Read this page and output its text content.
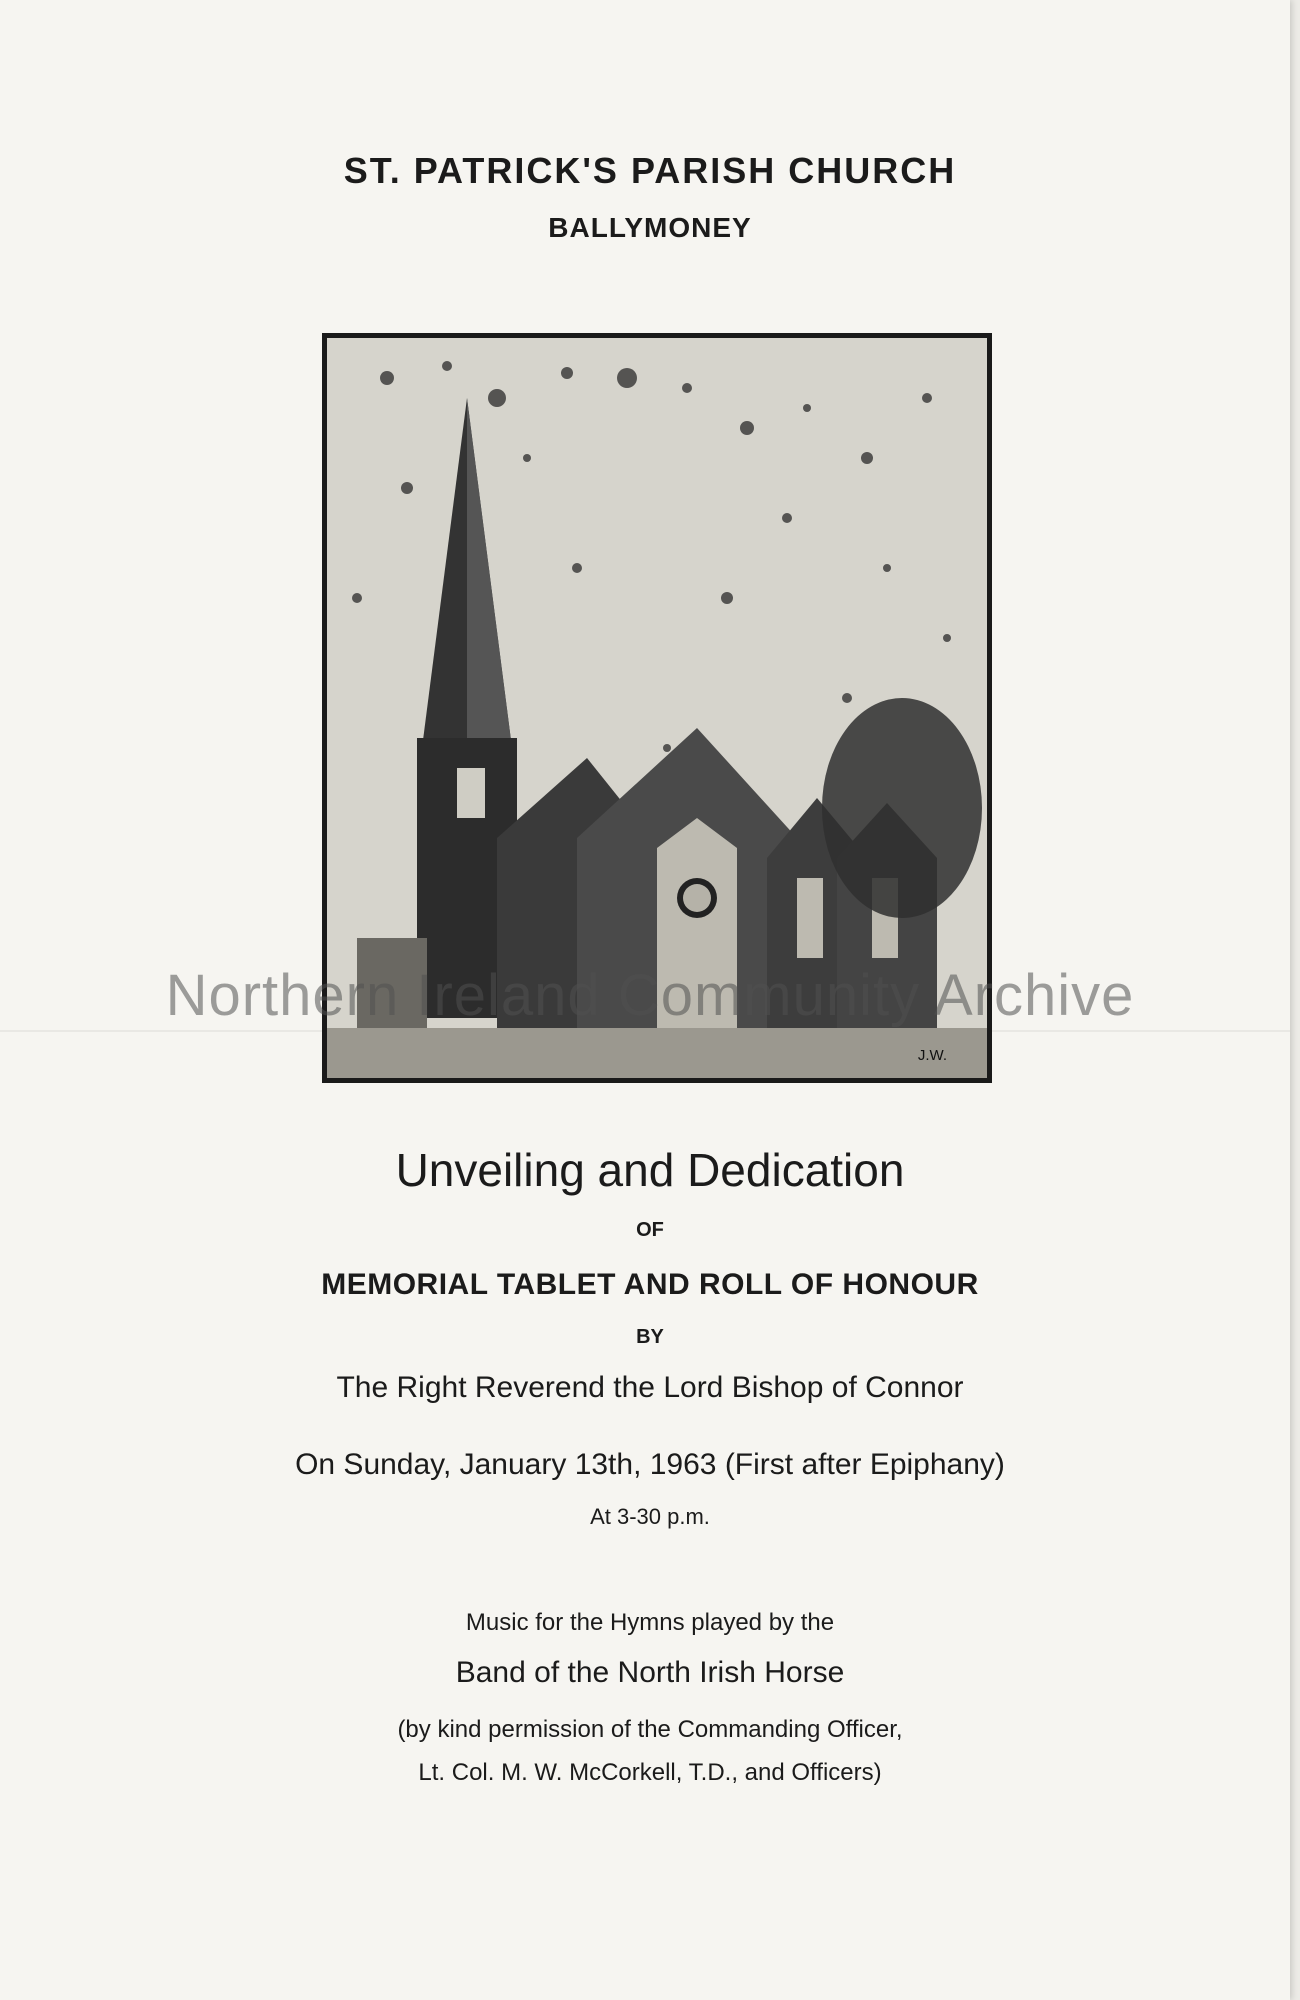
ST. PATRICK'S PARISH CHURCH
BALLYMONEY
J.W.
Unveiling and Dedication
OF
MEMORIAL TABLET AND ROLL OF HONOUR
BY
The Right Reverend the Lord Bishop of Connor
On Sunday, January 13th, 1963 (First after Epiphany)
At 3-30 p.m.
Music for the Hymns played by the
Band of the North Irish Horse
(by kind permission of the Commanding Officer,
Lt. Col. M. W. McCorkell, T.D., and Officers)
Northern Ireland Community Archive
